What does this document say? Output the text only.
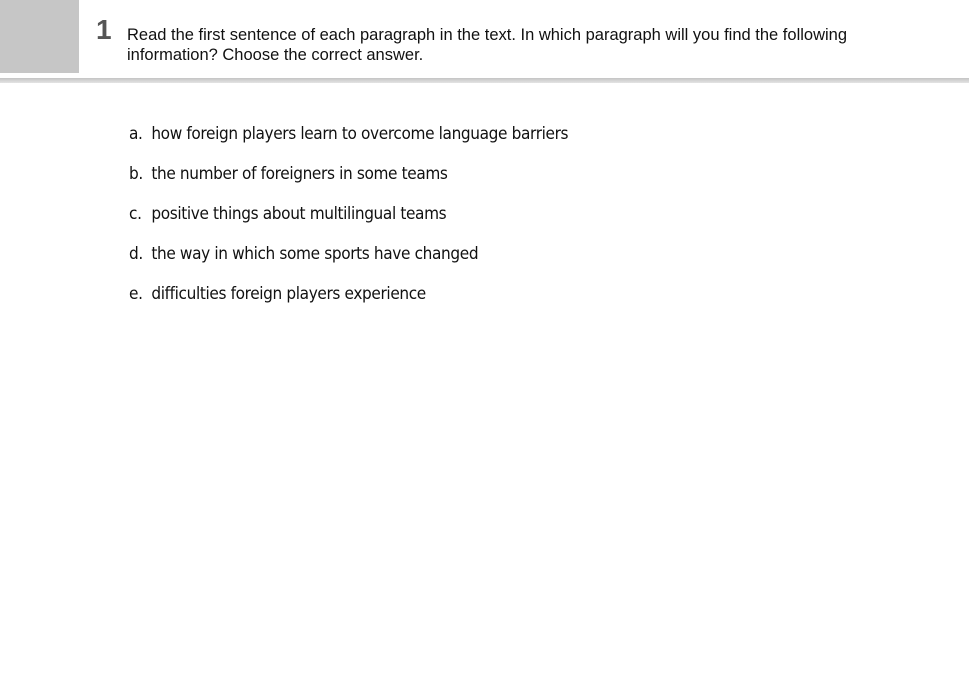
1 Read the first sentence of each paragraph in the text. In which paragraph will you find the following information? Choose the correct answer.
a. how foreign players learn to overcome language barriers
b. the number of foreigners in some teams
c. positive things about multilingual teams
d. the way in which some sports have changed
e. difficulties foreign players experience
